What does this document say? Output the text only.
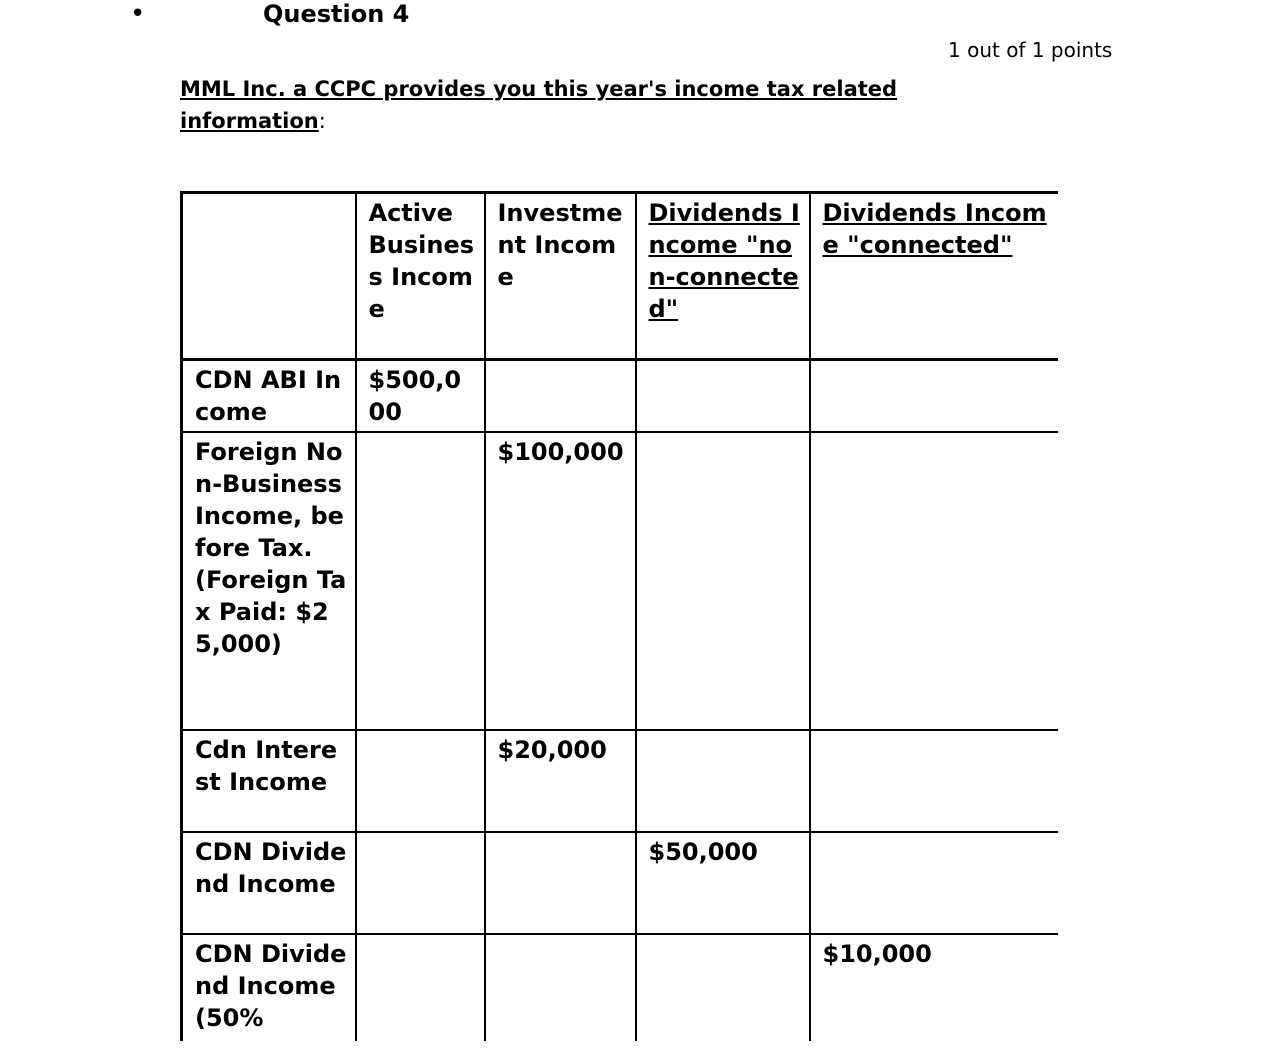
•	Question 4
1 out of 1 points
MML Inc. a CCPC provides you this year's income tax related information:
	Active Business Income	Investment Income	Dividends Income "non-connected"	Dividends Income "connected"
CDN ABI Income	$500,000			
Foreign Non-Business Income, before Tax. (Foreign Tax Paid: $25,000)		$100,000		
Cdn Interest Income		$20,000		
CDN Dividend Income			$50,000	
CDN Dividend Income (50%				$10,000
